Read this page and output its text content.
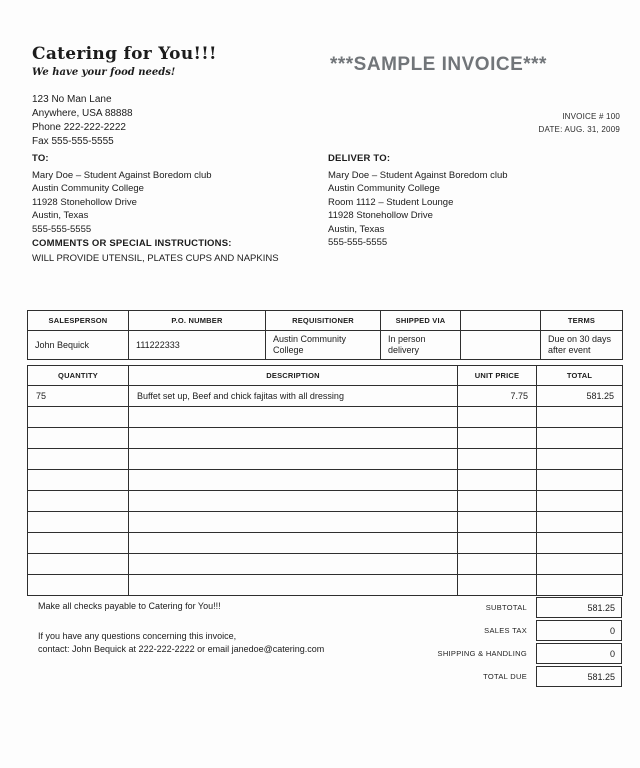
Catering for You!!!
We have your food needs!
123 No Man Lane
Anywhere, USA 88888
Phone 222-222-2222
Fax 555-555-5555
***SAMPLE INVOICE***
INVOICE # 100
DATE: AUG. 31, 2009
TO:
Mary Doe – Student Against Boredom club
Austin Community College
11928 Stonehollow Drive
Austin, Texas
555-555-5555
DELIVER TO:
Mary Doe – Student Against Boredom club
Austin Community College
Room 1112 – Student Lounge
11928 Stonehollow Drive
Austin, Texas
555-555-5555
COMMENTS OR SPECIAL INSTRUCTIONS:
WILL PROVIDE UTENSIL, PLATES CUPS AND NAPKINS
SALESPERSON	P.O. NUMBER	REQUISITIONER	SHIPPED VIA		TERMS
John Bequick	111222333	Austin Community College	In person delivery		Due on 30 days after event
QUANTITY	DESCRIPTION	UNIT PRICE	TOTAL
75	Buffet set up, Beef and chick fajitas with all dressing	7.75	581.25

Make all checks payable to Catering for You!!!
If you have any questions concerning this invoice,
contact: John Bequick at 222-222-2222 or email janedoe@catering.com
SUBTOTAL	581.25
SALES TAX	0
SHIPPING & HANDLING	0
TOTAL DUE	581.25
